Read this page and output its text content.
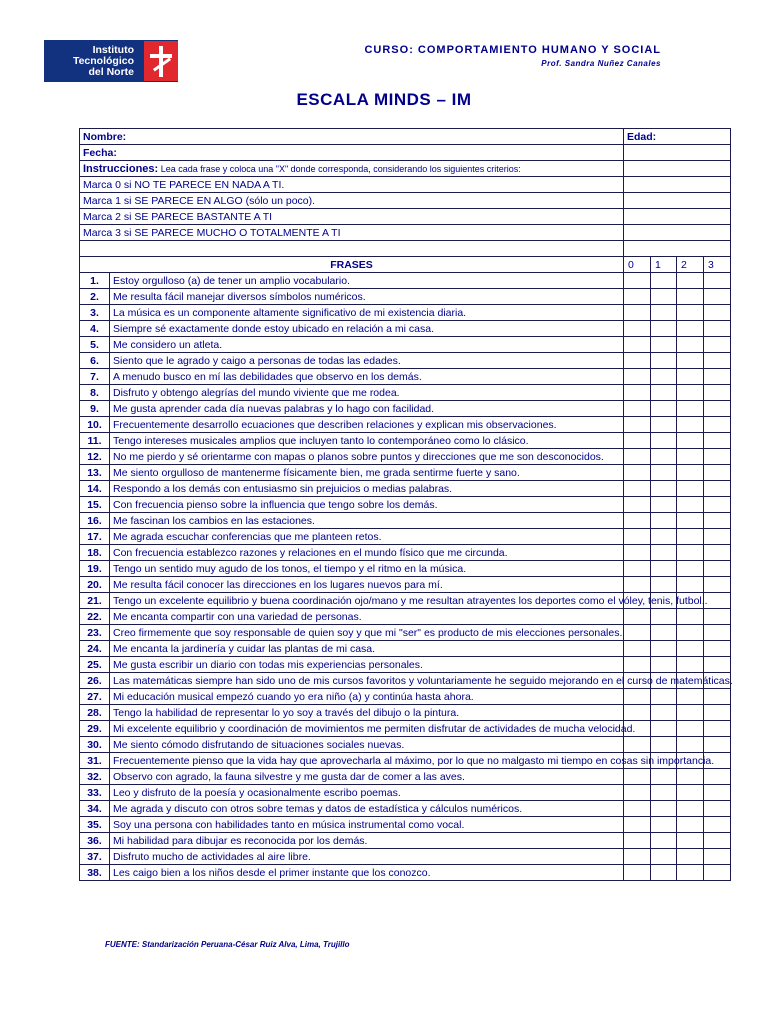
Instituto
Tecnológico
del Norte
CURSO: COMPORTAMIENTO HUMANO Y SOCIAL
Prof. Sandra Nuñez Canales
ESCALA MINDS – IM
Nombre:		Edad:			
Fecha:					
Instrucciones: Lea cada frase y coloca una "X" donde corresponda, considerando los siguientes criterios:					
Marca 0 si NO TE PARECE EN NADA A TI.					
Marca 1 si SE PARECE EN ALGO (sólo un poco).					
Marca 2 si SE PARECE BASTANTE A TI					
Marca 3 si SE PARECE MUCHO O TOTALMENTE A TI					

FRASES		0	1	2	3
1.	Estoy orgulloso (a) de tener un amplio vocabulario.				
2.	Me resulta fácil manejar diversos símbolos numéricos.				
3.	La música es un componente altamente significativo de mi existencia diaria.				
4.	Siempre sé exactamente donde estoy ubicado en relación a mi casa.				
5.	Me considero un atleta.				
6.	Siento que le agrado y caigo a personas de todas las edades.				
7.	A menudo busco en mí las debilidades que observo en los demás.				
8.	Disfruto y obtengo alegrías del mundo viviente que me rodea.				
9.	Me gusta aprender cada día nuevas palabras y lo hago con facilidad.				
10.	Frecuentemente desarrollo ecuaciones que describen relaciones y explican mis observaciones.				
11.	Tengo intereses musicales amplios que incluyen tanto lo contemporáneo como lo clásico.				
12.	No me pierdo y sé orientarme con mapas o planos sobre puntos y direcciones que me son desconocidos.				
13.	Me siento orgulloso de mantenerme físicamente bien, me grada sentirme fuerte y sano.				
14.	Respondo a los demás con entusiasmo sin prejuicios o medias palabras.				
15.	Con frecuencia pienso sobre la influencia que tengo sobre los demás.				
16.	Me fascinan los cambios en las estaciones.				
17.	Me agrada escuchar conferencias que me planteen retos.				
18.	Con frecuencia establezco razones y relaciones en el mundo físico que me circunda.				
19.	Tengo un sentido muy agudo de los tonos, el tiempo y el ritmo en la música.				
20.	Me resulta fácil conocer las direcciones en los lugares nuevos para mí.				
21.	Tengo un excelente equilibrio y buena coordinación ojo/mano y me resultan atrayentes los deportes como el vóley, tenis, futbol..				
22.	Me encanta compartir con una variedad de personas.				
23.	Creo firmemente que soy responsable de quien soy y que mi "ser" es producto de mis elecciones personales.				
24.	Me encanta la jardinería y cuidar las plantas de mi casa.				
25.	Me gusta escribir un diario con todas mis experiencias personales.				
26.	Las matemáticas siempre han sido uno de mis cursos favoritos y voluntariamente he seguido mejorando en el curso de matemáticas.				
27.	Mi educación musical empezó cuando yo era niño (a) y continúa hasta ahora.				
28.	Tengo la habilidad de representar lo yo soy a través del dibujo o la pintura.				
29.	Mi excelente equilibrio y coordinación de movimientos me permiten disfrutar de actividades de mucha velocidad.				
30.	Me siento cómodo disfrutando de situaciones sociales nuevas.				
31.	Frecuentemente pienso que la vida hay que aprovecharla al máximo, por lo que no malgasto mi tiempo en cosas sin importancia.				
32.	Observo con agrado, la fauna silvestre y me gusta dar de comer a las aves.				
33.	Leo y disfruto de la poesía y ocasionalmente escribo poemas.				
34.	Me agrada y discuto con otros sobre temas y datos de estadística y cálculos numéricos.				
35.	Soy una persona con habilidades tanto en música instrumental como vocal.				
36.	Mi habilidad para dibujar es reconocida por los demás.				
37.	Disfruto mucho de actividades al aire libre.				
38.	Les caigo bien a los niños desde el primer instante que los conozco.				
FUENTE: Standarización Peruana-César Ruiz Alva, Lima, Trujillo
